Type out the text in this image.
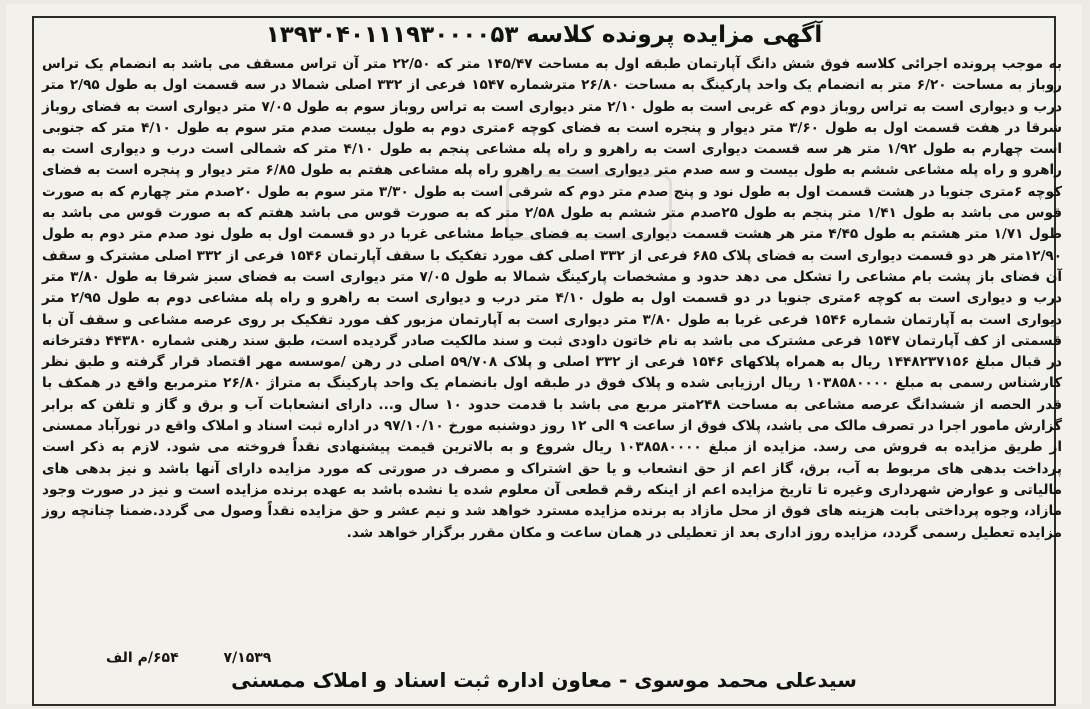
آگهی مزایده پرونده کلاسه ۱۳۹۳۰۴۰۱۱۱۹۳۰۰۰۰۵۳
به موجب پرونده اجرائی کلاسه فوق شش دانگ آپارتمان طبقه اول به مساحت ۱۴۵/۴۷ متر که ۲۲/۵۰ متر آن تراس مسقف می باشد به انضمام یک تراس روباز به مساحت ۶/۲۰ متر به انضمام یک واحد پارکینگ به مساحت ۲۶/۸۰ مترشماره ۱۵۴۷ فرعی از ۳۳۲ اصلی شمالا در سه قسمت اول به طول ۲/۹۵ متر درب و دیواری است به تراس روباز دوم که غربی است به طول ۲/۱۰ متر دیواری است به تراس روباز سوم به طول ۷/۰۵ متر دیواری است به فضای روباز شرقا در هفت قسمت اول به طول ۳/۶۰ متر دیوار و پنجره است به فضای کوچه ۶متری دوم به طول بیست صدم متر سوم به طول ۴/۱۰ متر که جنوبی است چهارم به طول ۱/۹۲ متر هر سه قسمت دیواری است به راهرو و راه پله مشاعی پنجم به طول ۴/۱۰ متر که شمالی است درب و دیواری است به راهرو و راه پله مشاعی ششم به طول بیست و سه صدم متر دیواری است به راهرو راه پله مشاعی هفتم به طول ۶/۸۵ متر دیوار و پنجره است به فضای کوچه ۶متری جنوبا در هشت قسمت اول به طول نود و پنج صدم متر دوم که شرقی است به طول ۳/۳۰ متر سوم به طول ۲۰صدم متر چهارم که به صورت قوس می باشد به طول ۱/۴۱ متر پنجم به طول ۲۵صدم متر ششم به طول ۲/۵۸ متر که به صورت قوس می باشد هفتم که به صورت قوس می باشد به طول ۱/۷۱ متر هشتم به طول ۴/۴۵ متر هر هشت قسمت دیواری است به فضای حیاط مشاعی غربا در دو قسمت اول به طول نود صدم متر دوم به طول ۱۲/۹۰متر هر دو قسمت دیواری است به فضای پلاک ۶۸۵ فرعی از ۳۳۲ اصلی کف مورد تفکیک با سقف آپارتمان ۱۵۴۶ فرعی از ۳۳۲ اصلی مشترک و سقف آن فضای باز پشت بام مشاعی را تشکل می دهد حدود و مشخصات پارکینگ شمالا به طول ۷/۰۵ متر دیواری است به فضای سبز شرقا به طول ۳/۸۰ متر درب و دیواری است به کوچه ۶متری جنوبا در دو قسمت اول به طول ۴/۱۰ متر درب و دیواری است به راهرو و راه پله مشاعی دوم به طول ۲/۹۵ متر دیواری است به آپارتمان شماره ۱۵۴۶ فرعی غربا به طول ۳/۸۰ متر دیواری است به آپارتمان مزبور کف مورد تفکیک بر روی عرصه مشاعی و سقف آن با قسمتی از کف آپارتمان ۱۵۴۷ فرعی مشترک می باشد به نام خاتون داودی ثبت و سند مالکیت صادر گردیده است، طبق سند رهنی شماره ۴۴۳۸۰ دفترخانه در قبال مبلغ ۱۴۴۸۲۳۷۱۵۶ ریال به همراه پلاکهای ۱۵۴۶ فرعی از ۳۳۲ اصلی و پلاک ۵۹/۷۰۸ اصلی در رهن /موسسه مهر اقتصاد قرار گرفته و طبق نظر کارشناس رسمی به مبلغ ۱۰۳۸۵۸۰۰۰۰ ریال ارزیابی شده و پلاک فوق در طبقه اول بانضمام یک واحد پارکینگ به متراژ ۲۶/۸۰ مترمربع واقع در همکف با قدر الحصه از ششدانگ عرصه مشاعی به مساحت ۲۴۸متر مربع می باشد با قدمت حدود ۱۰ سال و... دارای انشعابات آب و برق و گاز و تلفن که برابر گزارش مامور اجرا در تصرف مالک می باشد، پلاک فوق از ساعت ۹ الی ۱۲ روز دوشنبه مورخ ۹۷/۱۰/۱۰ در اداره ثبت اسناد و املاک واقع در نورآباد ممسنی از طریق مزایده به فروش می رسد. مزایده از مبلغ ۱۰۳۸۵۸۰۰۰۰ ریال شروع و به بالاترین قیمت پیشنهادی نقداً فروخته می شود. لازم به ذکر است پرداخت بدهی های مربوط به آب، برق، گاز اعم از حق انشعاب و یا حق اشتراک و مصرف در صورتی که مورد مزایده دارای آنها باشد و نیز بدهی های مالیاتی و عوارض شهرداری وغیره تا تاریخ مزایده اعم از اینکه رقم قطعی آن معلوم شده یا نشده باشد به عهده برنده مزایده است و نیز در صورت وجود مازاد، وجوه پرداختی بابت هزینه های فوق از محل مازاد به برنده مزایده مسترد خواهد شد و نیم عشر و حق مزایده نقداً وصول می گردد.ضمنا چنانچه روز مزایده تعطیل رسمی گردد، مزایده روز اداری بعد از تعطیلی در همان ساعت و مکان مقرر برگزار خواهد شد.
۷/۱۵۳۹ ۶۵۴/م الف
سیدعلی محمد موسوی - معاون اداره ثبت اسناد و املاک ممسنی
